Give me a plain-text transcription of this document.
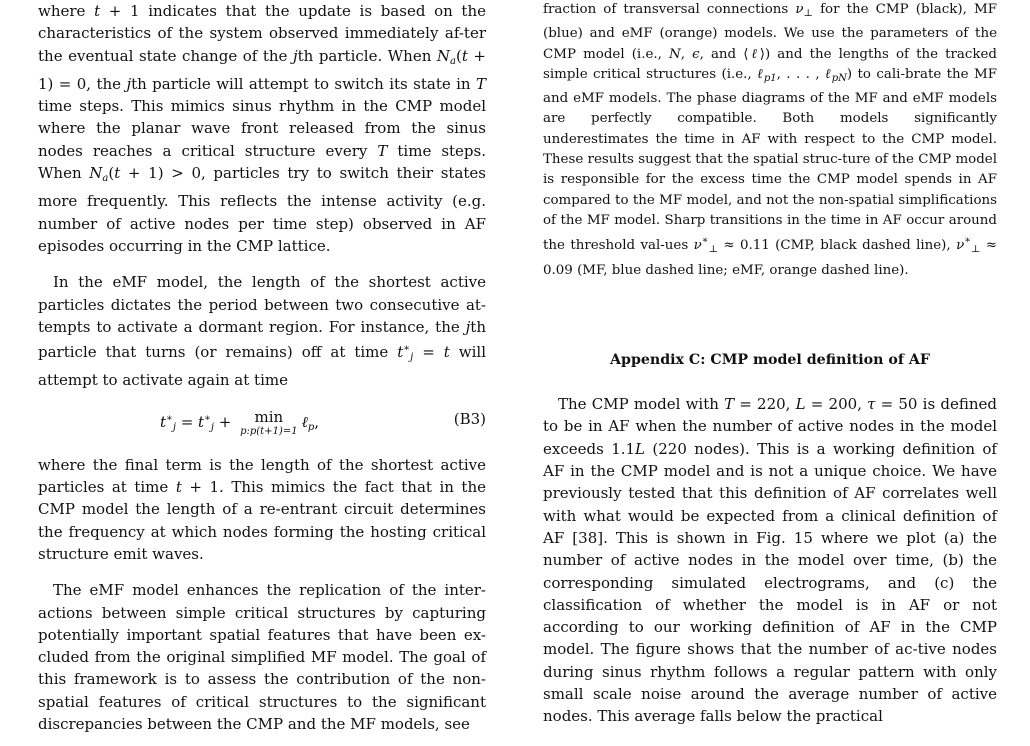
where t + 1 indicates that the update is based on the characteristics of the system observed immediately af-ter the eventual state change of the jth particle. When $N_a(t + 1) = 0$, the jth particle will attempt to switch its state in T time steps. This mimics sinus rhythm in the CMP model where the planar wave front released from the sinus nodes reaches a critical structure every T time steps. When $N_a(t + 1) > 0$, particles try to switch their states more frequently. This reflects the intense activity (e.g. number of active nodes per time step) observed in AF episodes occurring in the CMP lattice.

In the eMF model, the length of the shortest active particles dictates the period between two consecutive at-tempts to activate a dormant region. For instance, the jth particle that turns (or remains) off at time $t^∗_j = t$ will attempt to activate again at time

$t^∗_j = t^∗_j$ +	min
p:p(t+1)=1
ℓ$_p$,	(B3)

where the final term is the length of the shortest active particles at time t + 1. This mimics the fact that in the CMP model the length of a re-entrant circuit determines the frequency at which nodes forming the hosting critical structure emit waves.

The eMF model enhances the replication of the inter-actions between simple critical structures by capturing potentially important spatial features that have been ex-cluded from the original simplified MF model. The goal of this framework is to assess the contribution of the non-spatial features of critical structures to the significant discrepancies between the CMP and the MF models, see

fraction of transversal connections $\nu_\perp$ for the CMP (black), MF (blue) and eMF (orange) models. We use the parameters of the CMP model (i.e., N, ϵ, and ⟨ℓ⟩) and the lengths of the tracked simple critical structures (i.e., ℓ$_{p1}$, . . . , ℓ$_{pN}$) to cali-brate the MF and eMF models. The phase diagrams of the MF and eMF models are perfectly compatible. Both models significantly underestimates the time in AF with respect to the CMP model. These results suggest that the spatial struc-ture of the CMP model is responsible for the excess time the CMP model spends in AF compared to the MF model, and not the non-spatial simplifications of the MF model. Sharp transitions in the time in AF occur around the threshold val-ues $\nu^∗_\perp \approx 0.11$ (CMP, black dashed line), $\nu^∗_\perp \approx 0.09$ (MF, blue dashed line; eMF, orange dashed line).

Appendix C: CMP model definition of AF

The CMP model with T = 220, L = 200, τ = 50 is defined to be in AF when the number of active nodes in the model exceeds 1.1L (220 nodes). This is a working definition of AF in the CMP model and is not a unique choice. We have previously tested that this definition of AF correlates well with what would be expected from a clinical definition of AF [38]. This is shown in Fig. 15 where we plot (a) the number of active nodes in the model over time, (b) the corresponding simulated electrograms, and (c) the classification of whether the model is in AF or not according to our working definition of AF in the CMP model. The figure shows that the number of ac-tive nodes during sinus rhythm follows a regular pattern with only small scale noise around the average number of active nodes. This average falls below the practical
